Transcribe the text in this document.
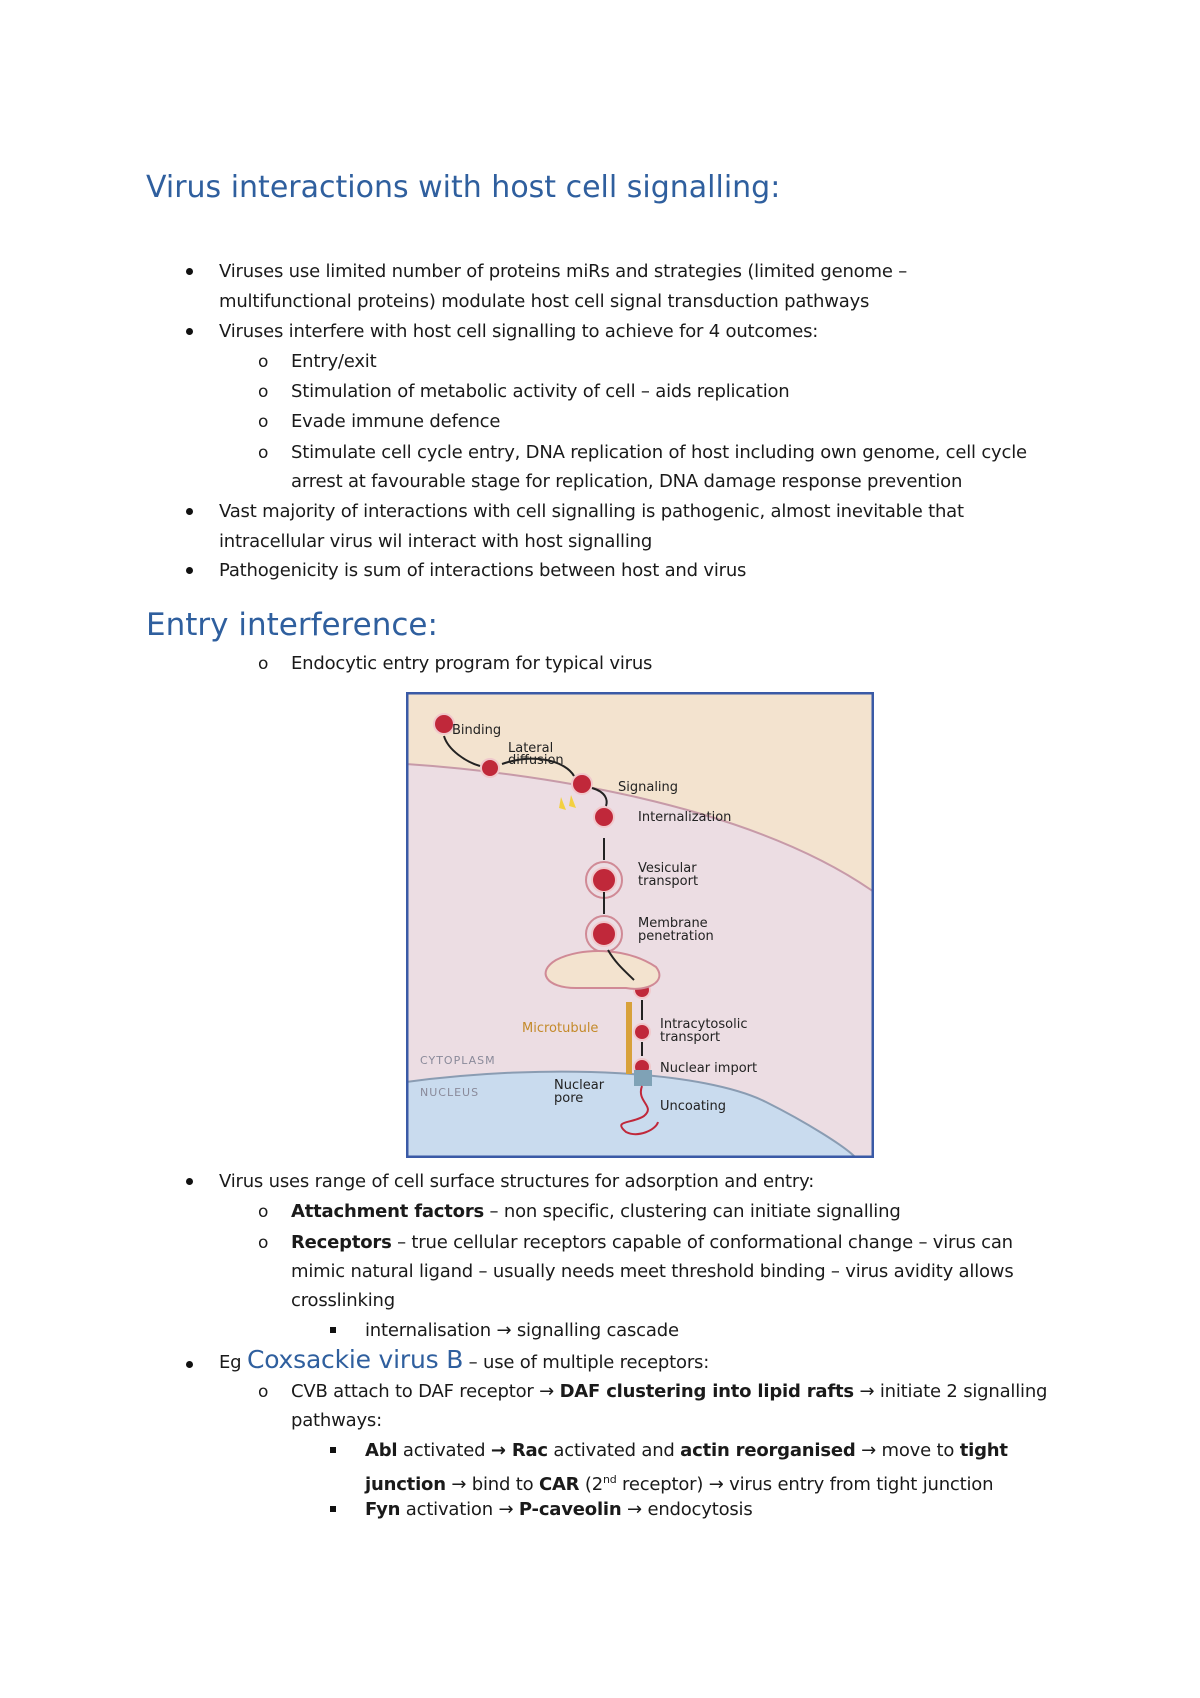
Virus interactions with host cell signalling:
Viruses use limited number of proteins miRs and strategies (limited genome –
multifunctional proteins) modulate host cell signal transduction pathways
Viruses interfere with host cell signalling to achieve for 4 outcomes:
o Entry/exit
o Stimulation of metabolic activity of cell – aids replication
o Evade immune defence
o Stimulate cell cycle entry, DNA replication of host including own genome, cell cycle
arrest at favourable stage for replication, DNA damage response prevention
Vast majority of interactions with cell signalling is pathogenic, almost inevitable that
intracellular virus wil interact with host signalling
Pathogenicity is sum of interactions between host and virus
Entry interference:
o Endocytic entry program for typical virus
Binding
Lateral
diffusion
Signaling
Internalization
Vesicular
transport
Membrane
penetration
Microtubule	Intracytosolic
transport
Nuclear import
Nuclear
pore
Uncoating
CYTOPLASM
NUCLEUS
Virus uses range of cell surface structures for adsorption and entry:
o Attachment factors – non specific, clustering can initiate signalling
o Receptors – true cellular receptors capable of conformational change – virus can
mimic natural ligand – usually needs meet threshold binding – virus avidity allows
crosslinking
internalisation → signalling cascade
Eg Coxsackie virus B – use of multiple receptors:
o CVB attach to DAF receptor → DAF clustering into lipid rafts → initiate 2 signalling
pathways:
Abl activated → Rac activated and actin reorganised → move to tight
junction → bind to CAR (2nd receptor) → virus entry from tight junction
Fyn activation → P-caveolin → endocytosis
